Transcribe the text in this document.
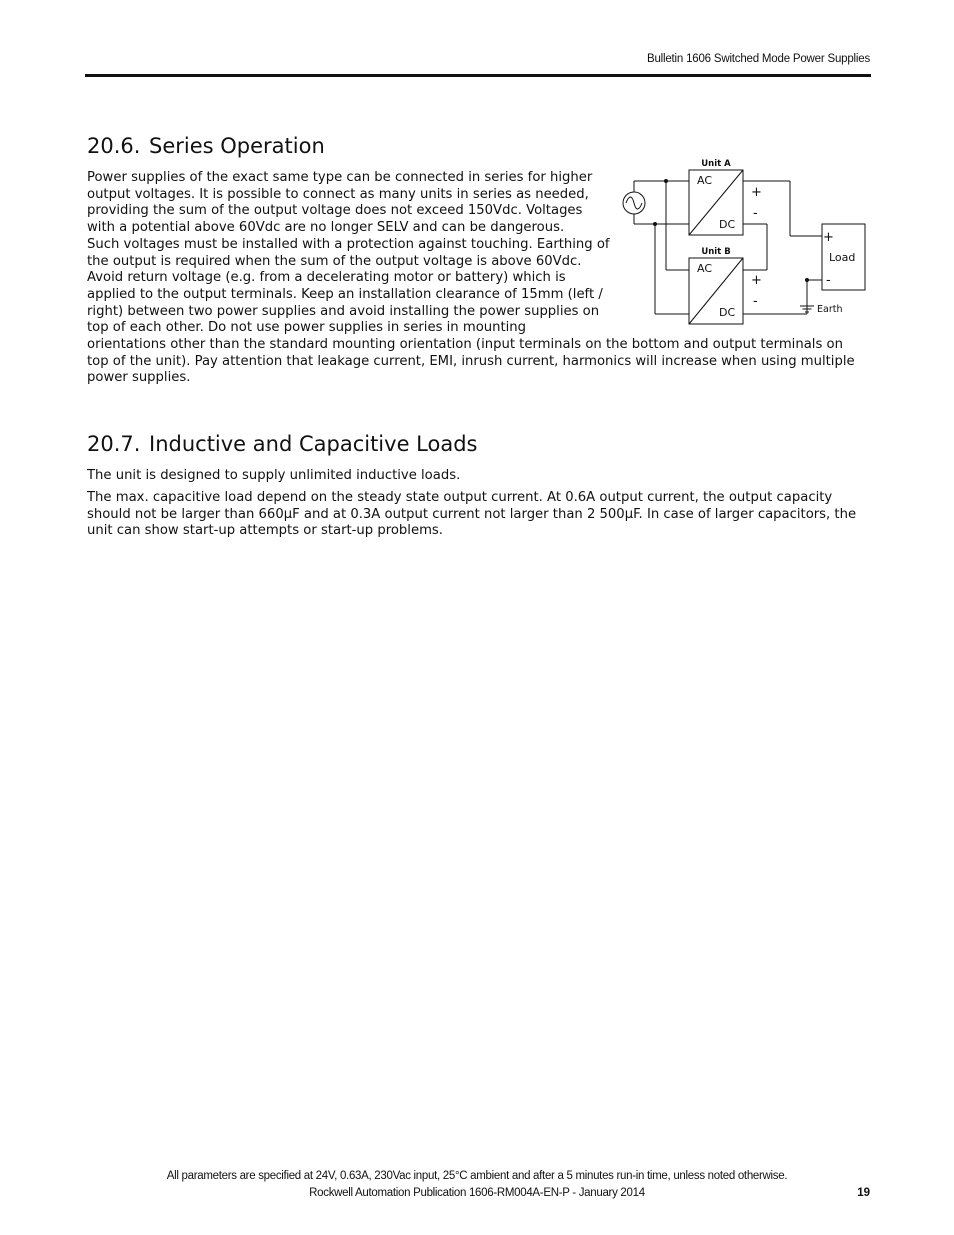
Bulletin 1606 Switched Mode Power Supplies
20.6. Series Operation

Power supplies of the exact same type can be connected in series for higher
output voltages. It is possible to connect as many units in series as needed,
providing the sum of the output voltage does not exceed 150Vdc. Voltages
with a potential above 60Vdc are no longer SELV and can be dangerous.
Such voltages must be installed with a protection against touching. Earthing of
the output is required when the sum of the output voltage is above 60Vdc.
Avoid return voltage (e.g. from a decelerating motor or battery) which is
applied to the output terminals. Keep an installation clearance of 15mm (left /
right) between two power supplies and avoid installing the power supplies on
top of each other. Do not use power supplies in series in mounting
orientations other than the standard mounting orientation (input terminals on the bottom and output terminals on
top of the unit). Pay attention that leakage current, EMI, inrush current, harmonics will increase when using multiple
power supplies.

Unit A
AC
DC
+
-
Unit B
AC
DC
+
-
+
Load
-
Earth
20.7. Inductive and Capacitive Loads

The unit is designed to supply unlimited inductive loads.

The max. capacitive load depend on the steady state output current. At 0.6A output current, the output capacity
should not be larger than 660µF and at 0.3A output current not larger than 2 500µF. In case of larger capacitors, the
unit can show start-up attempts or start-up problems.

All parameters are specified at 24V, 0.63A, 230Vac input, 25°C ambient and after a 5 minutes run-in time, unless noted otherwise.
Rockwell Automation Publication 1606-RM004A-EN-P - January 2014	19
